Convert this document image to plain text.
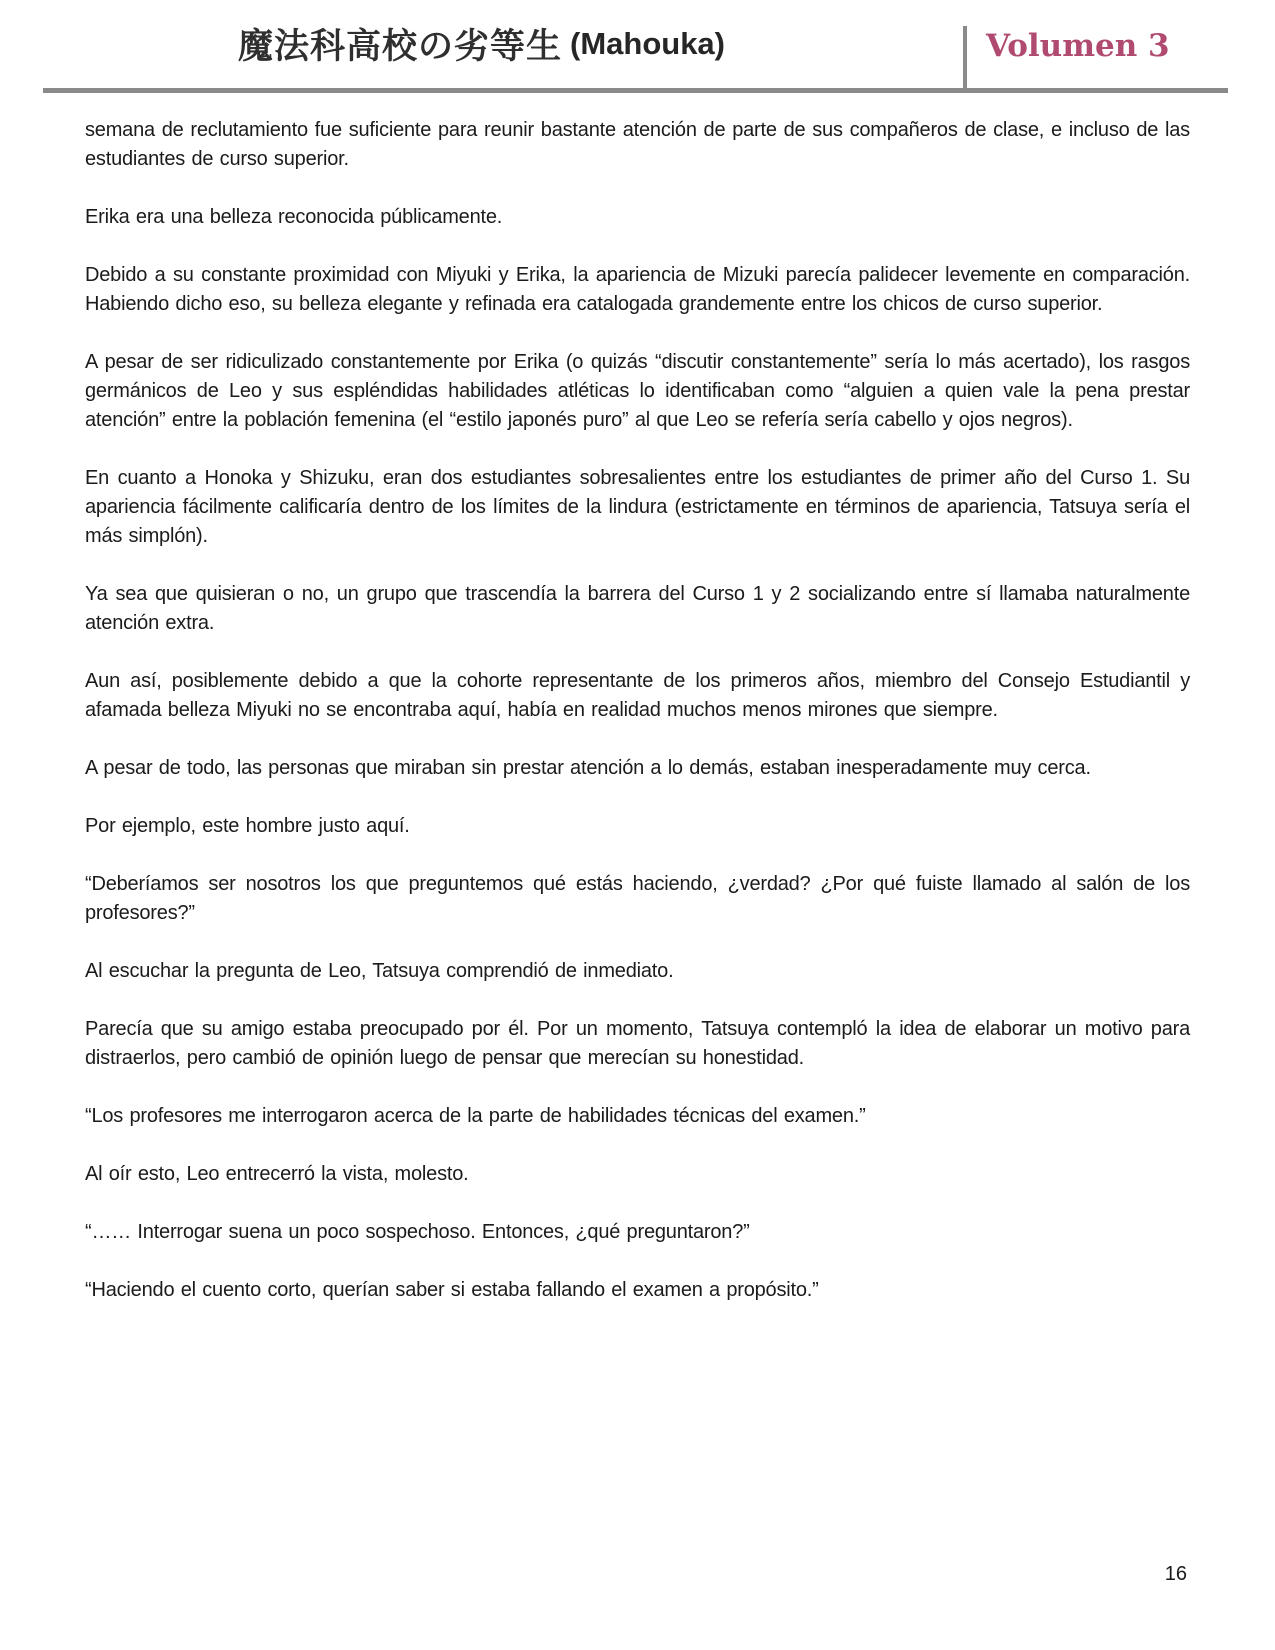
魔法科高校の劣等生 (Mahouka)	Volumen 3

semana de reclutamiento fue suficiente para reunir bastante atención de parte de sus compañeros de clase, e incluso de las estudiantes de curso superior.

Erika era una belleza reconocida públicamente.

Debido a su constante proximidad con Miyuki y Erika, la apariencia de Mizuki parecía palidecer levemente en comparación. Habiendo dicho eso, su belleza elegante y refinada era catalogada grandemente entre los chicos de curso superior.

A pesar de ser ridiculizado constantemente por Erika (o quizás “discutir constantemente” sería lo más acertado), los rasgos germánicos de Leo y sus espléndidas habilidades atléticas lo identificaban como “alguien a quien vale la pena prestar atención” entre la población femenina (el “estilo japonés puro” al que Leo se refería sería cabello y ojos negros).

En cuanto a Honoka y Shizuku, eran dos estudiantes sobresalientes entre los estudiantes de primer año del Curso 1. Su apariencia fácilmente calificaría dentro de los límites de la lindura (estrictamente en términos de apariencia, Tatsuya sería el más simplón).

Ya sea que quisieran o no, un grupo que trascendía la barrera del Curso 1 y 2 socializando entre sí llamaba naturalmente atención extra.

Aun así, posiblemente debido a que la cohorte representante de los primeros años, miembro del Consejo Estudiantil y afamada belleza Miyuki no se encontraba aquí, había en realidad muchos menos mirones que siempre.

A pesar de todo, las personas que miraban sin prestar atención a lo demás, estaban inesperadamente muy cerca.

Por ejemplo, este hombre justo aquí.

“Deberíamos ser nosotros los que preguntemos qué estás haciendo, ¿verdad? ¿Por qué fuiste llamado al salón de los profesores?”

Al escuchar la pregunta de Leo, Tatsuya comprendió de inmediato.

Parecía que su amigo estaba preocupado por él. Por un momento, Tatsuya contempló la idea de elaborar un motivo para distraerlos, pero cambió de opinión luego de pensar que merecían su honestidad.

“Los profesores me interrogaron acerca de la parte de habilidades técnicas del examen.”

Al oír esto, Leo entrecerró la vista, molesto.

“…… Interrogar suena un poco sospechoso. Entonces, ¿qué preguntaron?”

“Haciendo el cuento corto, querían saber si estaba fallando el examen a propósito.”

16
